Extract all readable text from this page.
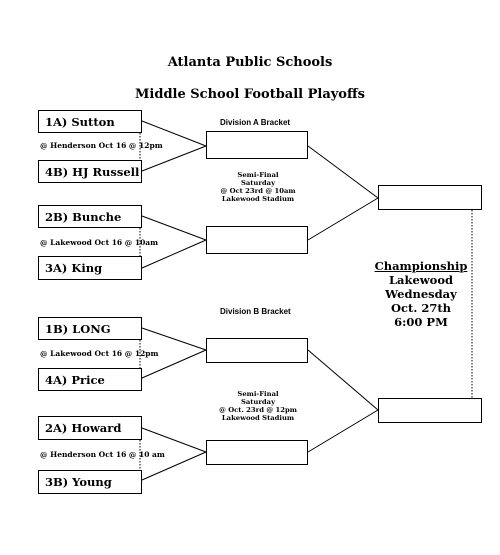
Atlanta Public Schools
Middle School Football Playoffs
Division A Bracket
1A) Sutton
@ Henderson Oct 16 @ 12pm
4B) HJ Russell	Semi-Final
Saturday
@ Oct 23rd @ 10am
Lakewood Stadium
2B) Bunche
@ Lakewood Oct 16 @ 10am
3A) King	Championship
Lakewood
Wednesday
Oct. 27th
6:00 PM
Division B Bracket
1B) LONG
@ Lakewood Oct 16 @ 12pm
4A) Price
Semi-Final
Saturday
@ Oct. 23rd @ 12pm
Lakewood Stadium
2A) Howard
@ Henderson Oct 16 @ 10 am
3B) Young
